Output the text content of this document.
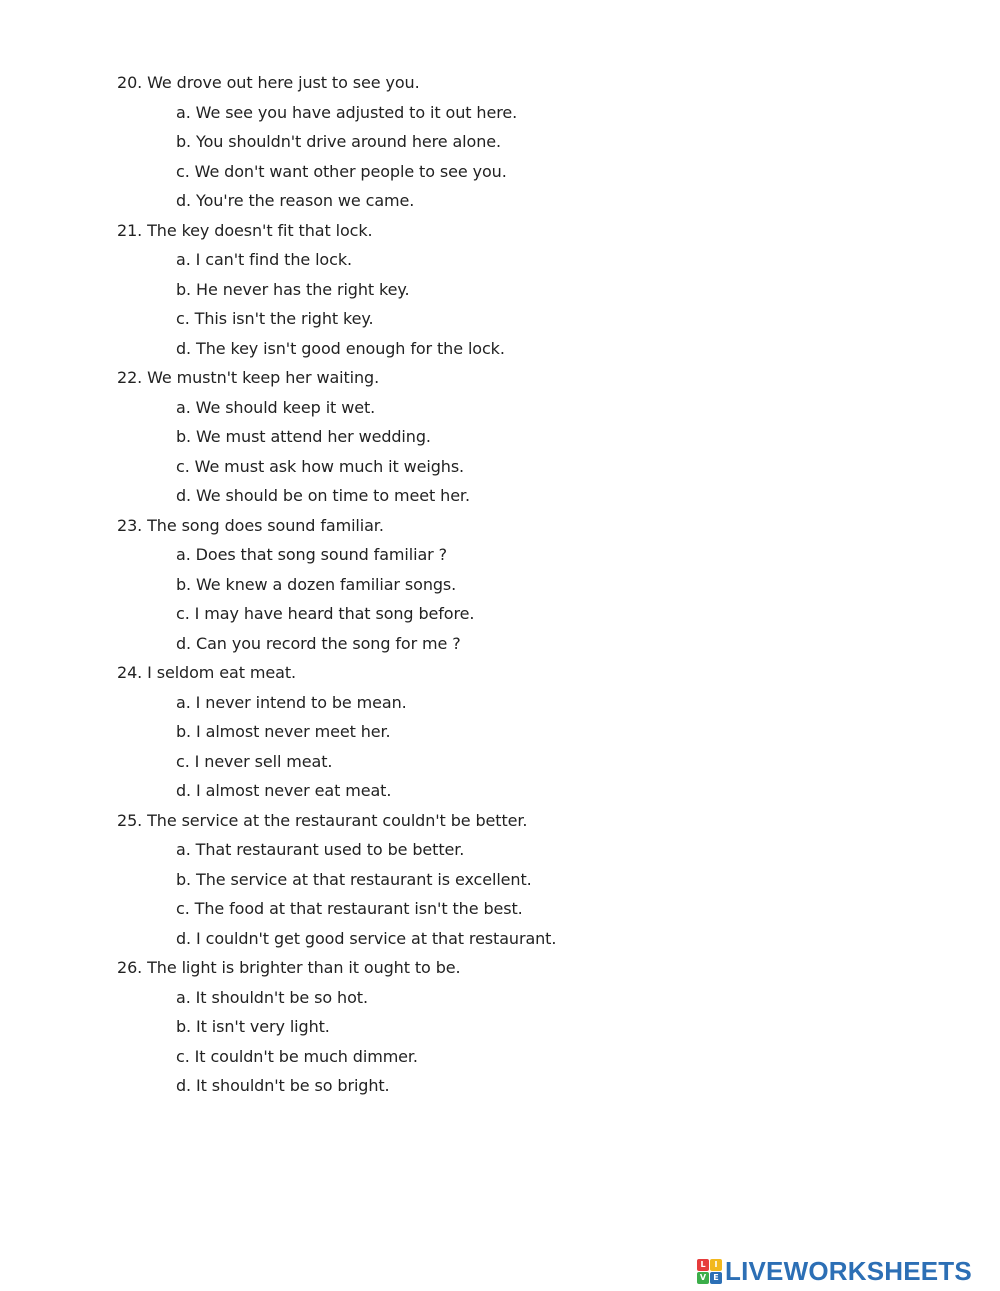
20. We drove out here just to see you.
a. We see you have adjusted to it out here.
b. You shouldn't drive around here alone.
c. We don't want other people to see you.
d. You're the reason we came.
21. The key doesn't fit that lock.
a. I can't find the lock.
b. He never has the right key.
c. This isn't the right key.
d. The key isn't good enough for the lock.
22. We mustn't keep her waiting.
a. We should keep it wet.
b. We must attend her wedding.
c. We must ask how much it weighs.
d. We should be on time to meet her.
23. The song does sound familiar.
a. Does that song sound familiar ?
b. We knew a dozen familiar songs.
c. I may have heard that song before.
d. Can you record the song for me ?
24. I seldom eat meat.
a. I never intend to be mean.
b. I almost never meet her.
c. I never sell meat.
d. I almost never eat meat.
25. The service at the restaurant couldn't be better.
a. That restaurant used to be better.
b. The service at that restaurant is excellent.
c. The food at that restaurant isn't the best.
d. I couldn't get good service at that restaurant.
26. The light is brighter than it ought to be.
a. It shouldn't be so hot.
b. It isn't very light.
c. It couldn't be much dimmer.
d. It shouldn't be so bright.
L	I
V E LIVEWORKSHEETS
